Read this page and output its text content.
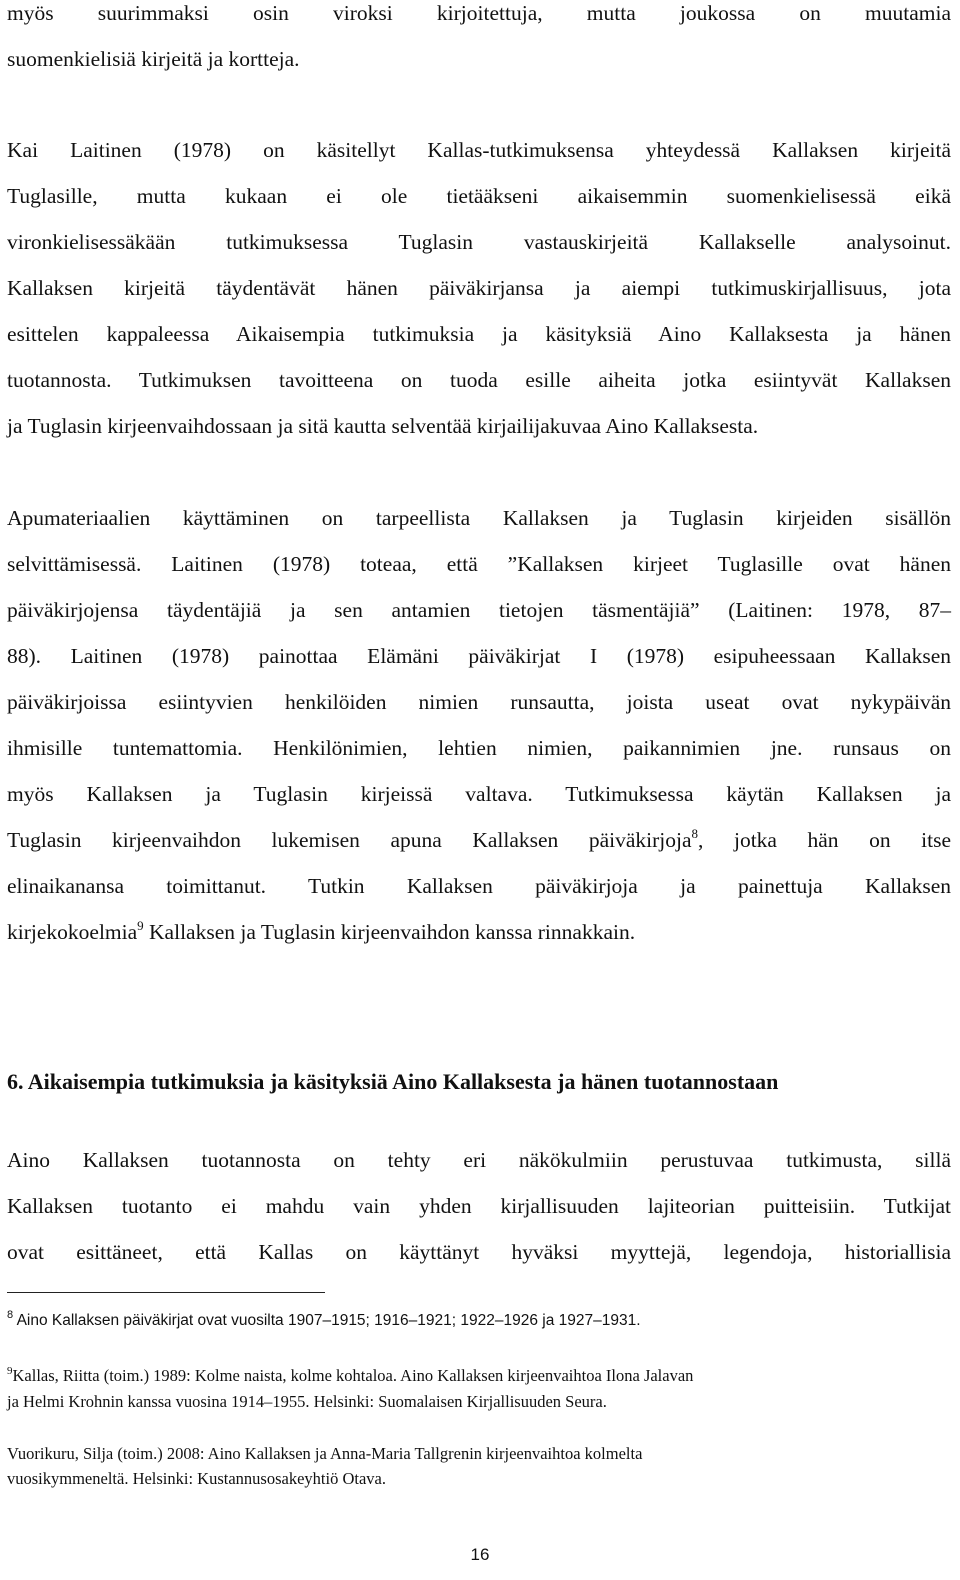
myös suurimmaksi osin viroksi kirjoitettuja, mutta joukossa on muutamia
suomenkielisiä kirjeitä ja kortteja.
Kai Laitinen (1978) on käsitellyt Kallas-tutkimuksensa yhteydessä Kallaksen kirjeitä
Tuglasille, mutta kukaan ei ole tietääkseni aikaisemmin suomenkielisessä eikä
vironkielisessäkään tutkimuksessa Tuglasin vastauskirjeitä Kallakselle analysoinut.
Kallaksen kirjeitä täydentävät hänen päiväkirjansa ja aiempi tutkimuskirjallisuus, jota
esittelen kappaleessa Aikaisempia tutkimuksia ja käsityksiä Aino Kallaksesta ja hänen
tuotannosta. Tutkimuksen tavoitteena on tuoda esille aiheita jotka esiintyvät Kallaksen
ja Tuglasin kirjeenvaihdossaan ja sitä kautta selventää kirjailijakuvaa Aino Kallaksesta.
Apumateriaalien käyttäminen on tarpeellista Kallaksen ja Tuglasin kirjeiden sisällön
selvittämisessä. Laitinen (1978) toteaa, että ”Kallaksen kirjeet Tuglasille ovat hänen
päiväkirjojensa täydentäjiä ja sen antamien tietojen täsmentäjiä” (Laitinen: 1978, 87–
88). Laitinen (1978) painottaa Elämäni päiväkirjat I (1978) esipuheessaan Kallaksen
päiväkirjoissa esiintyvien henkilöiden nimien runsautta, joista useat ovat nykypäivän
ihmisille tuntemattomia. Henkilönimien, lehtien nimien, paikannimien jne. runsaus on
myös Kallaksen ja Tuglasin kirjeissä valtava. Tutkimuksessa käytän Kallaksen ja
Tuglasin kirjeenvaihdon lukemisen apuna Kallaksen päiväkirjoja$^8$, jotka hän on itse
elinaikanansa toimittanut. Tutkin Kallaksen päiväkirjoja ja painettuja Kallaksen
kirjekokoelmia$^9$ Kallaksen ja Tuglasin kirjeenvaihdon kanssa rinnakkain.
6. Aikaisempia tutkimuksia ja käsityksiä Aino Kallaksesta ja hänen tuotannostaan
Aino Kallaksen tuotannosta on tehty eri näkökulmiin perustuvaa tutkimusta, sillä
Kallaksen tuotanto ei mahdu vain yhden kirjallisuuden lajiteorian puitteisiin. Tutkijat
ovat esittäneet, että Kallas on käyttänyt hyväksi myyttejä, legendoja, historiallisia
$^8$ Aino Kallaksen päiväkirjat ovat vuosilta 1907–1915; 1916–1921; 1922–1926 ja 1927–1931.
$^9$Kallas, Riitta (toim.) 1989: Kolme naista, kolme kohtaloa. Aino Kallaksen kirjeenvaihtoa Ilona Jalavan
ja Helmi Krohnin kanssa vuosina 1914–1955. Helsinki: Suomalaisen Kirjallisuuden Seura.
Vuorikuru, Silja (toim.) 2008: Aino Kallaksen ja Anna-Maria Tallgrenin kirjeenvaihtoa kolmelta
vuosikymmeneltä. Helsinki: Kustannusosakeyhtiö Otava.
16
